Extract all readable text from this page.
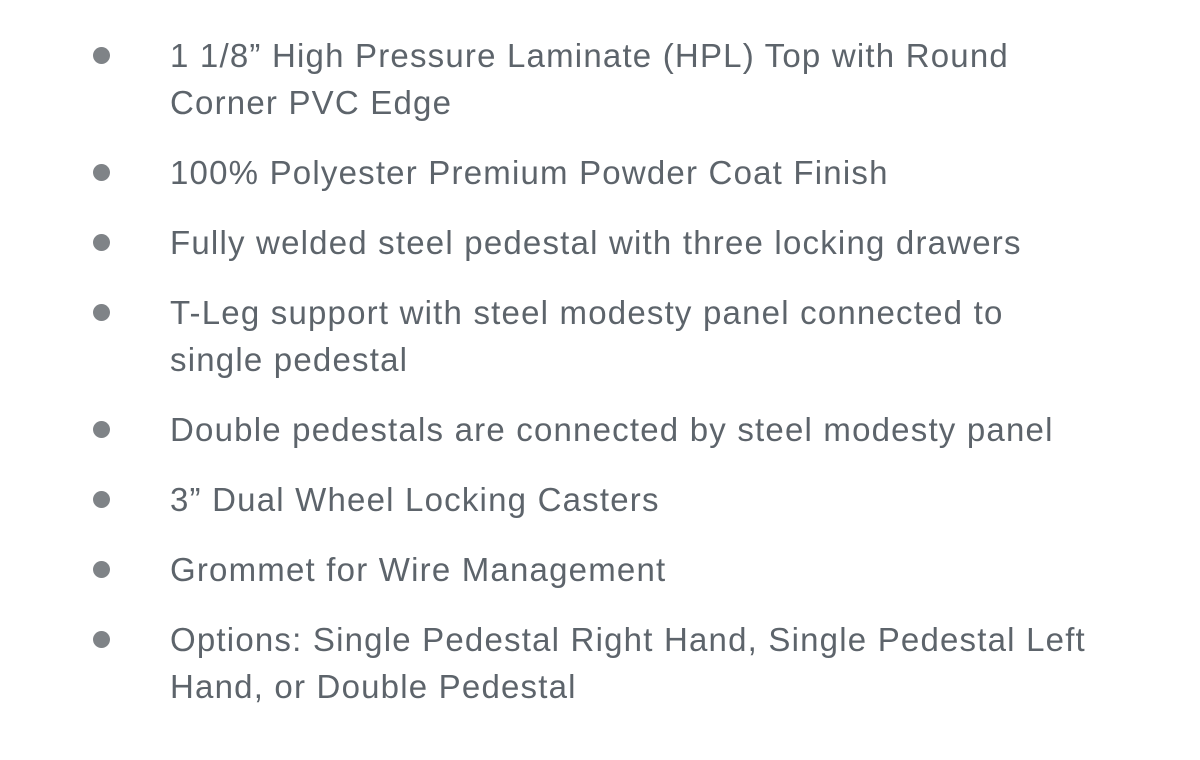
1 1/8” High Pressure Laminate (HPL) Top with Round
Corner PVC Edge
100% Polyester Premium Powder Coat Finish
Fully welded steel pedestal with three locking drawers
T-Leg support with steel modesty panel connected to
single pedestal
Double pedestals are connected by steel modesty panel
3” Dual Wheel Locking Casters
Grommet for Wire Management
Options: Single Pedestal Right Hand, Single Pedestal Left
Hand, or Double Pedestal
